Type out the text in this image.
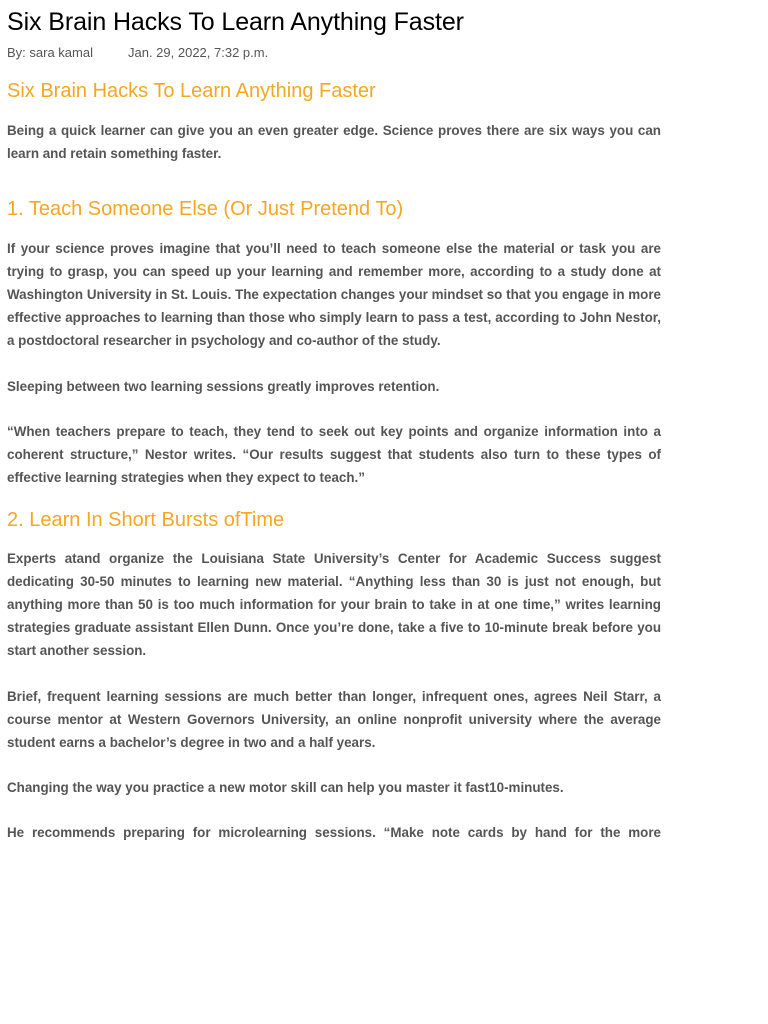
Six Brain Hacks To Learn Anything Faster
By: sara kamal	Jan. 29, 2022, 7:32 p.m.
Six Brain Hacks To Learn Anything Faster

Being a quick learner can give you an even greater edge. Science proves there are six ways you can learn and retain something faster.

1. Teach Someone Else (Or Just Pretend To)

If your science proves imagine that you’ll need to teach someone else the material or task you are trying to grasp, you can speed up your learning and remember more, according to a study done at Washington University in St. Louis. The expectation changes your mindset so that you engage in more effective approaches to learning than those who simply learn to pass a test, according to John Nestor, a postdoctoral researcher in psychology and co-author of the study.

Sleeping between two learning sessions greatly improves retention.

“When teachers prepare to teach, they tend to seek out key points and organize information into a coherent structure,” Nestor writes. “Our results suggest that students also turn to these types of effective learning strategies when they expect to teach.”

2. Learn In Short Bursts ofTime

Experts atand organize the Louisiana State University’s Center for Academic Success suggest dedicating 30-50 minutes to learning new material. “Anything less than 30 is just not enough, but anything more than 50 is too much information for your brain to take in at one time,” writes learning strategies graduate assistant Ellen Dunn. Once you’re done, take a five to 10-minute break before you start another session.

Brief, frequent learning sessions are much better than longer, infrequent ones, agrees Neil Starr, a course mentor at Western Governors University, an online nonprofit university where the average student earns a bachelor’s degree in two and a half years.

Changing the way you practice a new motor skill can help you master it fast10-minutes.

He recommends preparing for microlearning sessions. “Make note cards by hand for the more
